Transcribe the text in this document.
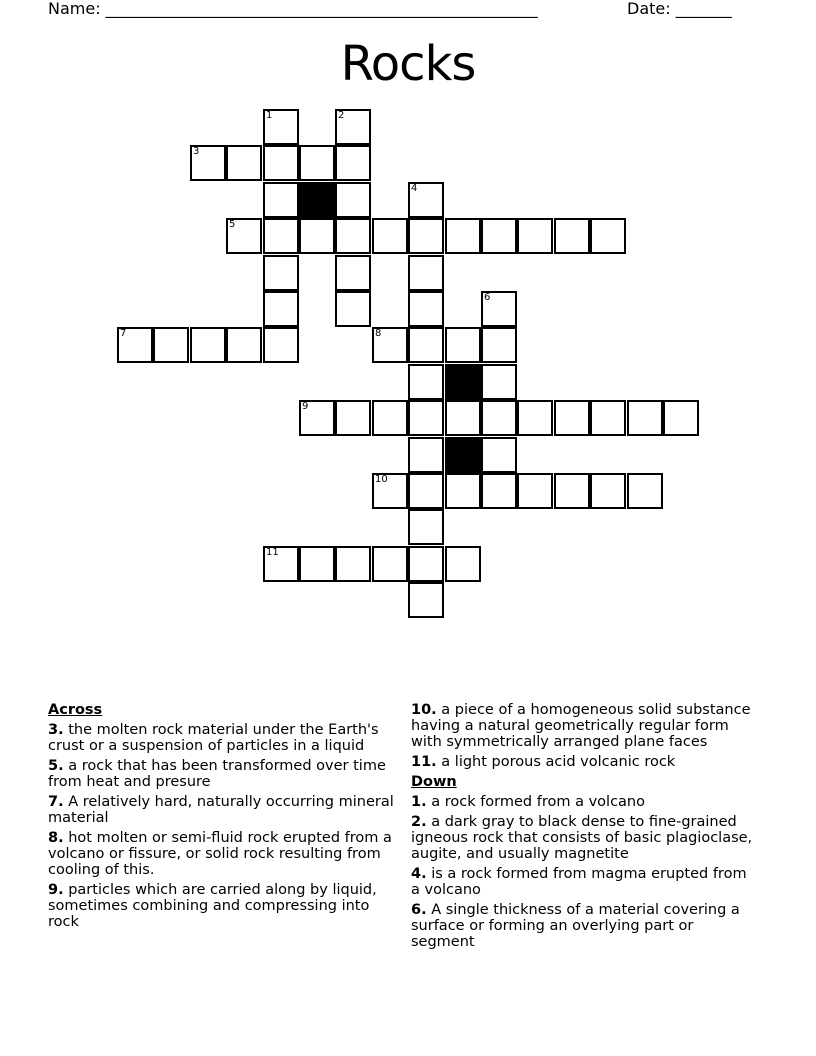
Name: ______________________________________________________	Date: _______
Rocks
1	2
3
4
5
6
7	8
9
10
11
Across
3. the molten rock material under the Earth's crust or a suspension of particles in a liquid
5. a rock that has been transformed over time from heat and presure
7. A relatively hard, naturally occurring mineral material
8. hot molten or semi-fluid rock erupted from a volcano or fissure, or solid rock resulting from cooling of this.
9. particles which are carried along by liquid, sometimes combining and compressing into rock
10. a piece of a homogeneous solid substance having a natural geometrically regular form with symmetrically arranged plane faces
11. a light porous acid volcanic rock
Down
1. a rock formed from a volcano
2. a dark gray to black dense to fine-grained igneous rock that consists of basic plagioclase, augite, and usually magnetite
4. is a rock formed from magma erupted from a volcano
6. A single thickness of a material covering a surface or forming an overlying part or segment
